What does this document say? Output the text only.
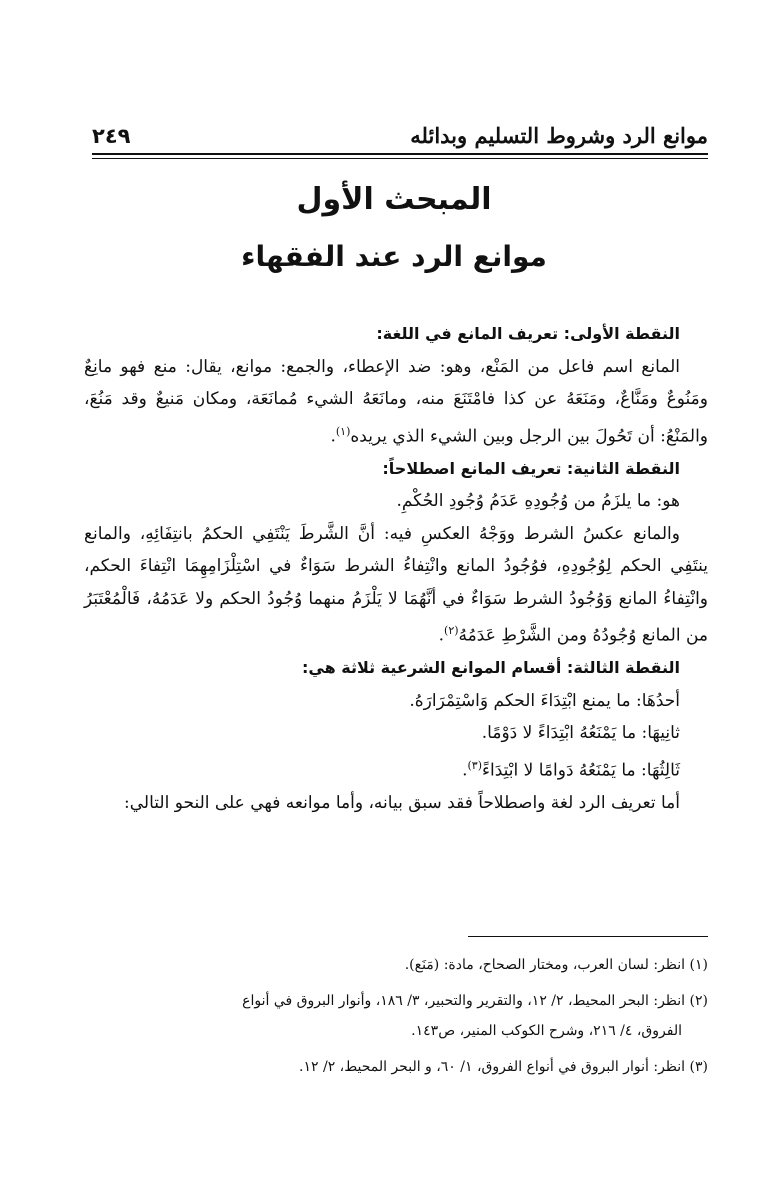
موانع الرد وشروط التسليم وبدائله
٢٤٩
المبحث الأول
موانع الرد عند الفقهاء

النقطة الأولى: تعريف المانع في اللغة:

المانع اسم فاعل من المَنْع، وهو: ضد الإعطاء، والجمع: موانع، يقال: منع فهو مانِعٌ ومَنُوعٌ ومَنَّاعٌ، ومَنَعَهُ عن كذا فامْتَنَعَ منه، ومانَعَهُ الشيء مُمانَعَة، ومكان مَنيعٌ وقد مَنُعَ، والمَنْعُ: أن تَحُولَ بين الرجل وبين الشيء الذي يريده$^{(١)}$.

النقطة الثانية: تعريف المانع اصطلاحاً:

هو: ما يلزَمُ من وُجُودِهِ عَدَمُ وُجُودِ الحُكْمِ.

والمانع عكسُ الشرط ووَجْهُ العكسِ فيه: أنَّ الشَّرطَ يَنْتَفِي الحكمُ بانتِفَائِهِ، والمانع ينتَفِي الحكم لِوُجُودِهِ، فوُجُودُ المانع وانْتِفاءُ الشرط سَوَاءٌ في اسْتِلْزَامِهِمَا انْتِفاءَ الحكم، وانْتِفاءُ المانع وَوُجُودُ الشرط سَوَاءٌ في أنَّهُمَا لا يَلْزَمُ منهما وُجُودُ الحكم ولا عَدَمُهُ، فَالْمُعْتَبَرُ من المانع وُجُودُهُ ومن الشَّرْطِ عَدَمُهُ$^{(٢)}$.

النقطة الثالثة: أقسام الموانع الشرعية ثلاثة هي:

أحدُهَا: ما يمنع ابْتِدَاءَ الحكم وَاسْتِمْرَارَهُ.

ثانِيهَا: ما يَمْنَعُهُ ابْتِدَاءً لا دَوْمًا.

ثَالِثُهَا: ما يَمْنَعُهُ دَوامًا لا ابْتِدَاءً$^{(٣)}$.

أما تعريف الرد لغة واصطلاحاً فقد سبق بيانه، وأما موانعه فهي على النحو التالي:

(١) انظر: لسان العرب، ومختار الصحاح، مادة: (مَنَع).

(٢) انظر: البحر المحيط، ٢/ ١٢، والتقرير والتحبير، ٣/ ١٨٦، وأنوار البروق في أنواع
الفروق، ٤/ ٢١٦، وشرح الكوكب المنير، ص١٤٣.

(٣) انظر: أنوار البروق في أنواع الفروق، ١/ ٦٠، و البحر المحيط، ٢/ ١٢.
